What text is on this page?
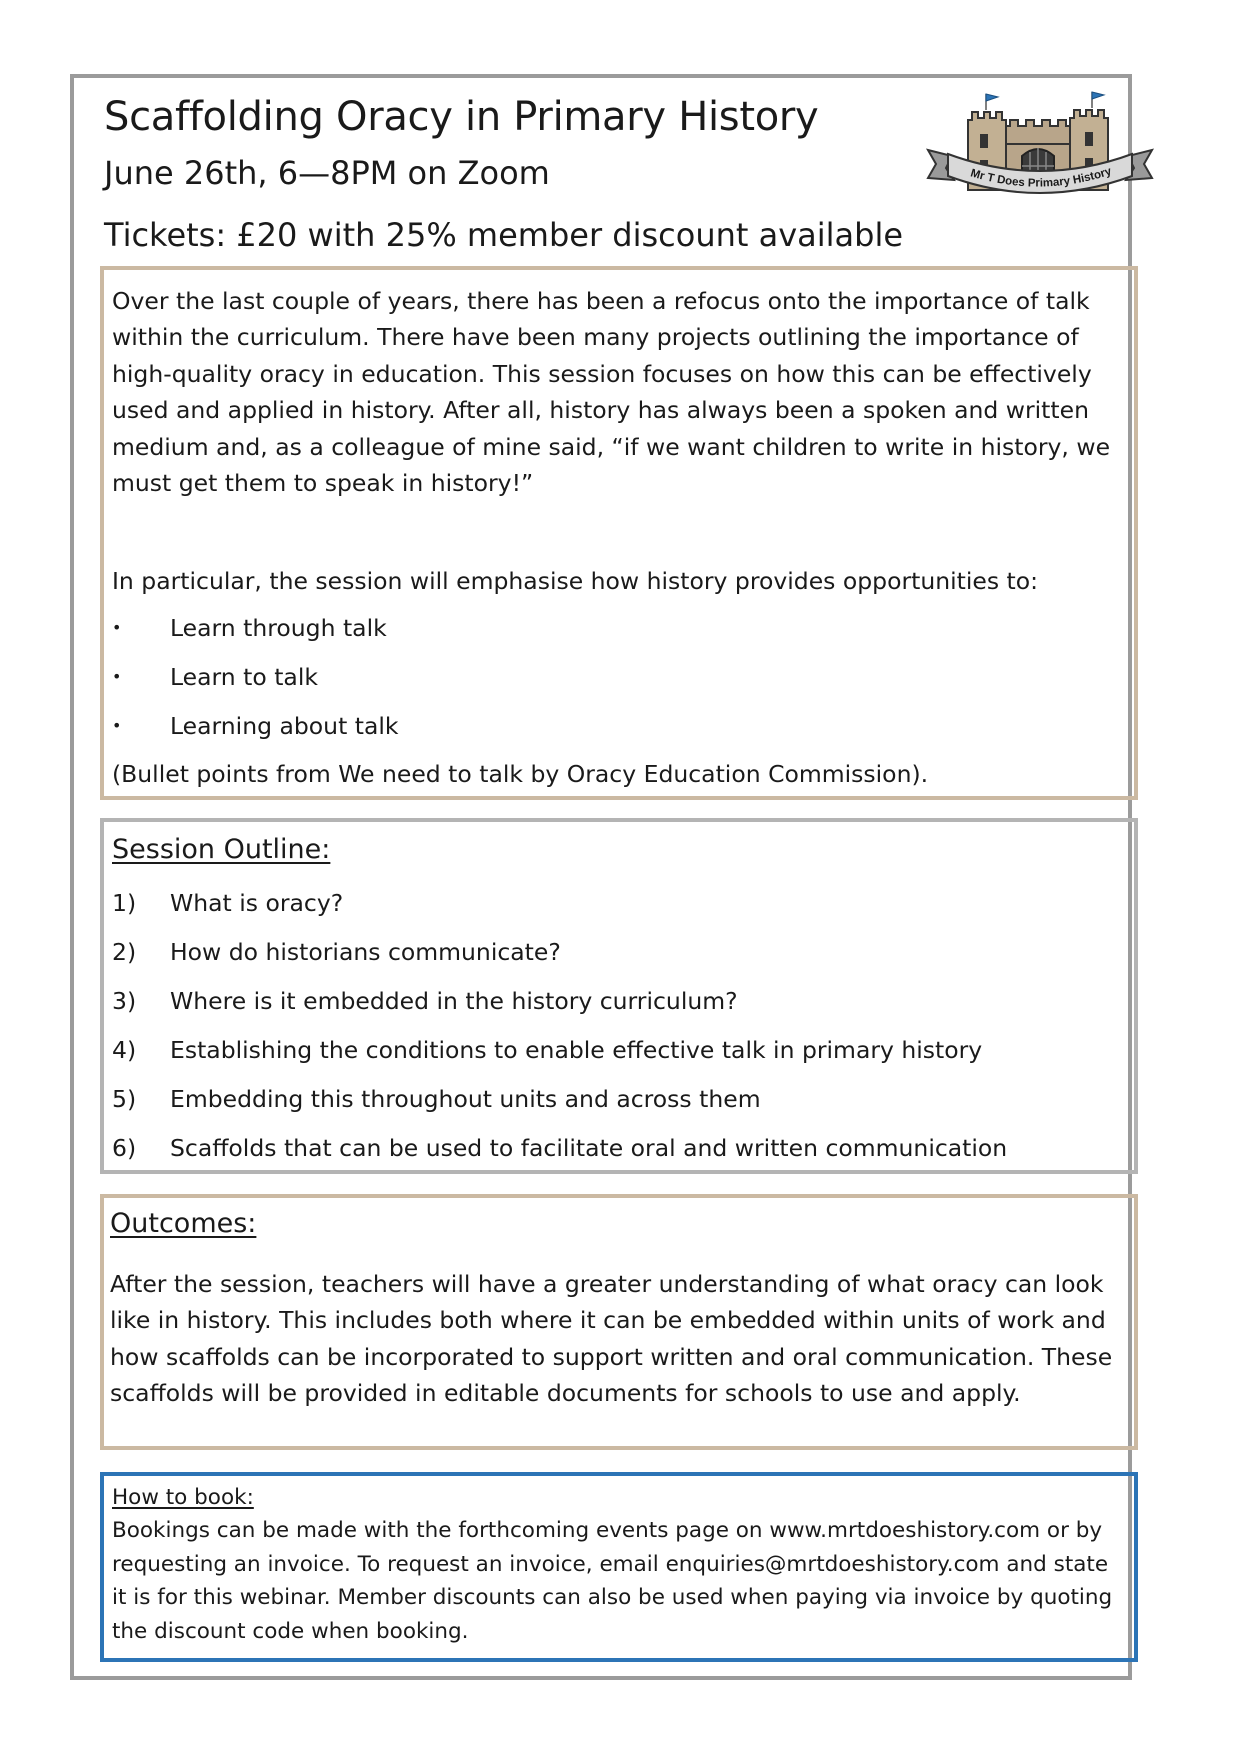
Scaffolding Oracy in Primary History
June 26th, 6—8PM on Zoom
Tickets: £20 with 25% member discount available
Mr T Does Primary History

Over the last couple of years, there has been a refocus onto the importance of talk within the curriculum. There have been many projects outlining the importance of high-quality oracy in education. This session focuses on how this can be effectively used and applied in history. After all, history has always been a spoken and written medium and, as a colleague of mine said, “if we want children to write in history, we must get them to speak in history!”

In particular, the session will emphasise how history provides opportunities to:

• Learn through talk
• Learn to talk
• Learning about talk
(Bullet points from We need to talk by Oracy Education Commission).
Session Outline:
1) What is oracy?
2) How do historians communicate?
3) Where is it embedded in the history curriculum?
4) Establishing the conditions to enable effective talk in primary history
5) Embedding this throughout units and across them
6) Scaffolds that can be used to facilitate oral and written communication
Outcomes:

After the session, teachers will have a greater understanding of what oracy can look like in history. This includes both where it can be embedded within units of work and how scaffolds can be incorporated to support written and oral communication. These scaffolds will be provided in editable documents for schools to use and apply.

How to book:

Bookings can be made with the forthcoming events page on www.mrtdoeshistory.com or by requesting an invoice. To request an invoice, email enquiries@mrtdoeshistory.com and state it is for this webinar. Member discounts can also be used when paying via invoice by quoting the discount code when booking.
